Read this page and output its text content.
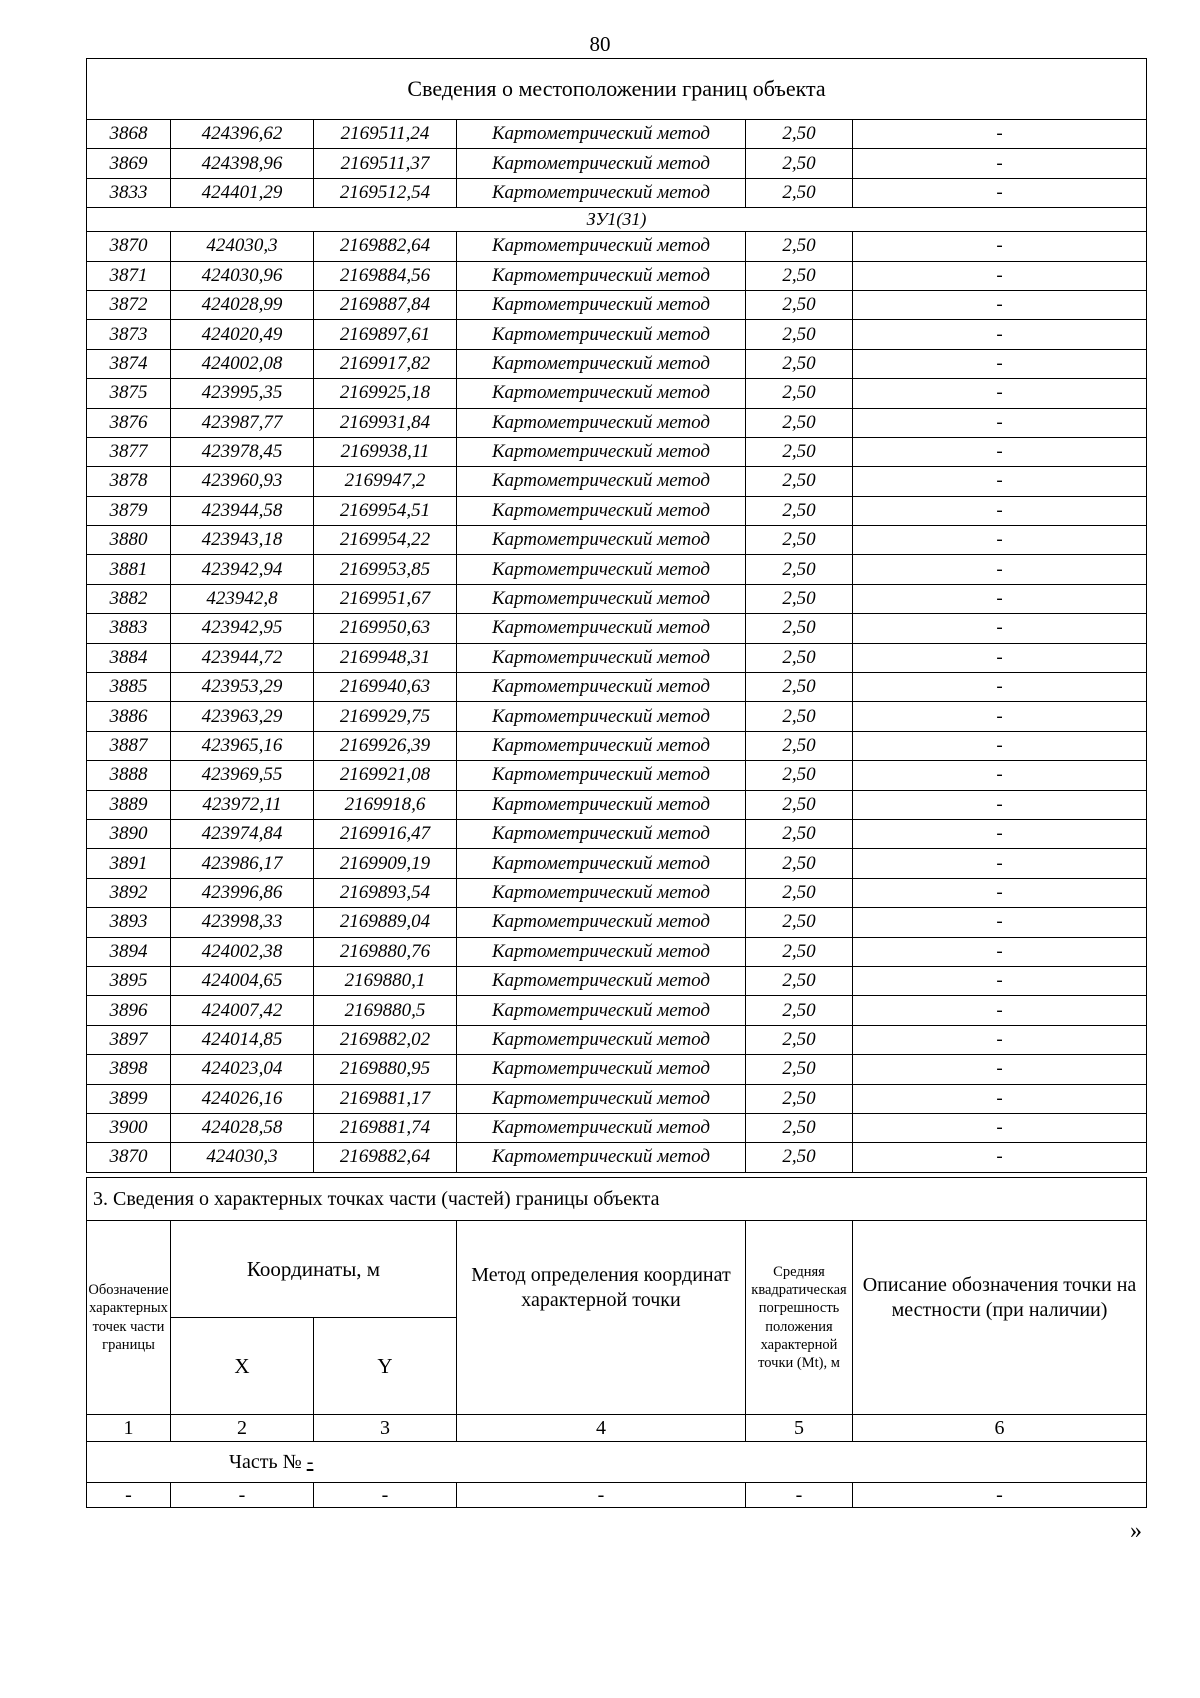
80
Сведения о местоположении границ объекта					
3868	424396,62	2169511,24	Картометрический метод	2,50	-
3869	424398,96	2169511,37	Картометрический метод	2,50	-
3833	424401,29	2169512,54	Картометрический метод	2,50	-
ЗУ1(31)					
3870	424030,3	2169882,64	Картометрический метод	2,50	-
3871	424030,96	2169884,56	Картометрический метод	2,50	-
3872	424028,99	2169887,84	Картометрический метод	2,50	-
3873	424020,49	2169897,61	Картометрический метод	2,50	-
3874	424002,08	2169917,82	Картометрический метод	2,50	-
3875	423995,35	2169925,18	Картометрический метод	2,50	-
3876	423987,77	2169931,84	Картометрический метод	2,50	-
3877	423978,45	2169938,11	Картометрический метод	2,50	-
3878	423960,93	2169947,2	Картометрический метод	2,50	-
3879	423944,58	2169954,51	Картометрический метод	2,50	-
3880	423943,18	2169954,22	Картометрический метод	2,50	-
3881	423942,94	2169953,85	Картометрический метод	2,50	-
3882	423942,8	2169951,67	Картометрический метод	2,50	-
3883	423942,95	2169950,63	Картометрический метод	2,50	-
3884	423944,72	2169948,31	Картометрический метод	2,50	-
3885	423953,29	2169940,63	Картометрический метод	2,50	-
3886	423963,29	2169929,75	Картометрический метод	2,50	-
3887	423965,16	2169926,39	Картометрический метод	2,50	-
3888	423969,55	2169921,08	Картометрический метод	2,50	-
3889	423972,11	2169918,6	Картометрический метод	2,50	-
3890	423974,84	2169916,47	Картометрический метод	2,50	-
3891	423986,17	2169909,19	Картометрический метод	2,50	-
3892	423996,86	2169893,54	Картометрический метод	2,50	-
3893	423998,33	2169889,04	Картометрический метод	2,50	-
3894	424002,38	2169880,76	Картометрический метод	2,50	-
3895	424004,65	2169880,1	Картометрический метод	2,50	-
3896	424007,42	2169880,5	Картометрический метод	2,50	-
3897	424014,85	2169882,02	Картометрический метод	2,50	-
3898	424023,04	2169880,95	Картометрический метод	2,50	-
3899	424026,16	2169881,17	Картометрический метод	2,50	-
3900	424028,58	2169881,74	Картометрический метод	2,50	-
3870	424030,3	2169882,64	Картометрический метод	2,50	-
3. Сведения о характерных точках части (частей) границы объекта					
Обозначение характерных точек части границы	Координаты, м		Метод определения координат характерной точки	Средняя квадратическая погрешность положения характерной точки (Mt), м	Описание обозначения точки на местности (при наличии)
	X	Y			
1	2	3	4	5	6
Часть № -					
-	-	-	-	-	-
»
